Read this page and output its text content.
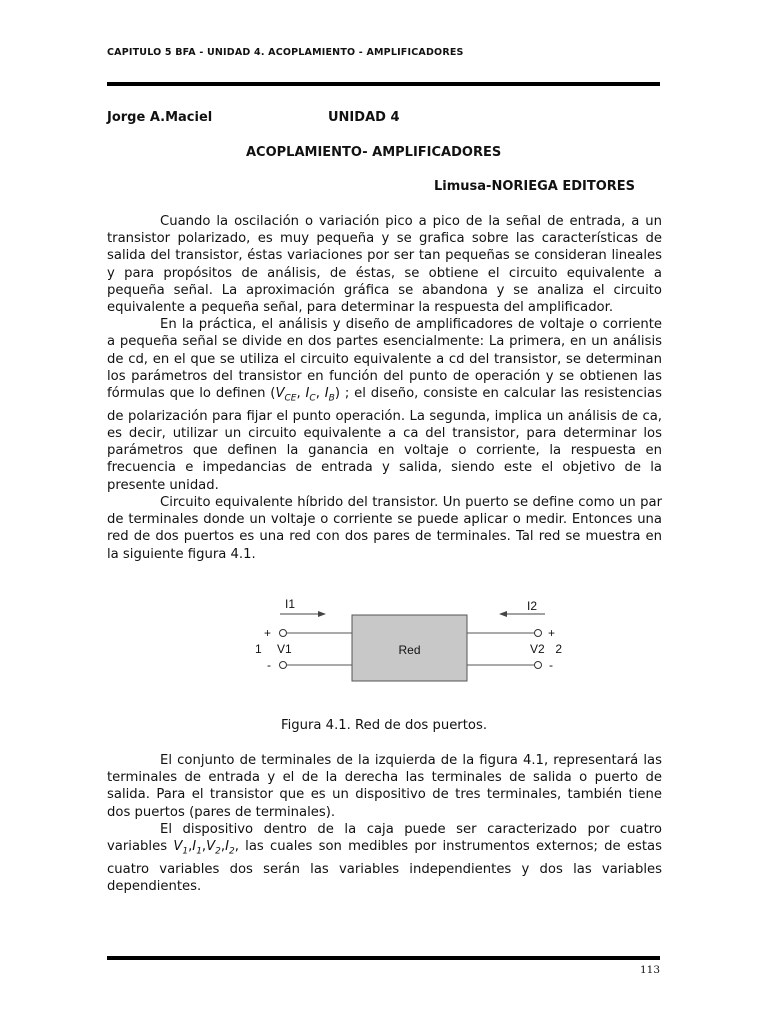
CAPITULO 5 BFA - UNIDAD 4. ACOPLAMIENTO - AMPLIFICADORES
Jorge A.Maciel	UNIDAD 4
ACOPLAMIENTO- AMPLIFICADORES
Limusa-NORIEGA EDITORES

Cuando la oscilación o variación pico a pico de la señal de entrada, a un transistor polarizado, es muy pequeña y se grafica sobre las características de salida del transistor, éstas variaciones por ser tan pequeñas se consideran lineales y para propósitos de análisis, de éstas, se obtiene el circuito equivalente a pequeña señal. La aproximación gráfica se abandona y se analiza el circuito equivalente a pequeña señal, para determinar la respuesta del amplificador.

En la práctica, el análisis y diseño de amplificadores de voltaje o corriente a pequeña señal se divide en dos partes esencialmente: La primera, en un análisis de cd, en el que se utiliza el circuito equivalente a cd del transistor, se determinan los parámetros del transistor en función del punto de operación y se obtienen las fórmulas que lo definen ($V_{CE}$, $I_C$, $I_B$) ; el diseño, consiste en calcular las resistencias de polarización para fijar el punto operación. La segunda, implica un análisis de ca, es decir, utilizar un circuito equivalente a ca del transistor, para determinar los parámetros que definen la ganancia en voltaje o corriente, la respuesta en frecuencia e impedancias de entrada y salida, siendo este el objetivo de la presente unidad.

Circuito equivalente híbrido del transistor. Un puerto se define como un par de terminales donde un voltaje o corriente se puede aplicar o medir. Entonces una red de dos puertos es una red con dos pares de terminales. Tal red se muestra en la siguiente figura 4.1.

Red
I1	I2
+
-
+
-
1 V1	V2 2
Figura 4.1. Red de dos puertos.

El conjunto de terminales de la izquierda de la figura 4.1, representará las terminales de entrada y el de la derecha las terminales de salida o puerto de salida. Para el transistor que es un dispositivo de tres terminales, también tiene dos puertos (pares de terminales).

El dispositivo dentro de la caja puede ser caracterizado por cuatro variables $V_1,I_1,V_2,I_2$, las cuales son medibles por instrumentos externos; de estas cuatro variables dos serán las variables independientes y dos las variables dependientes.

113
